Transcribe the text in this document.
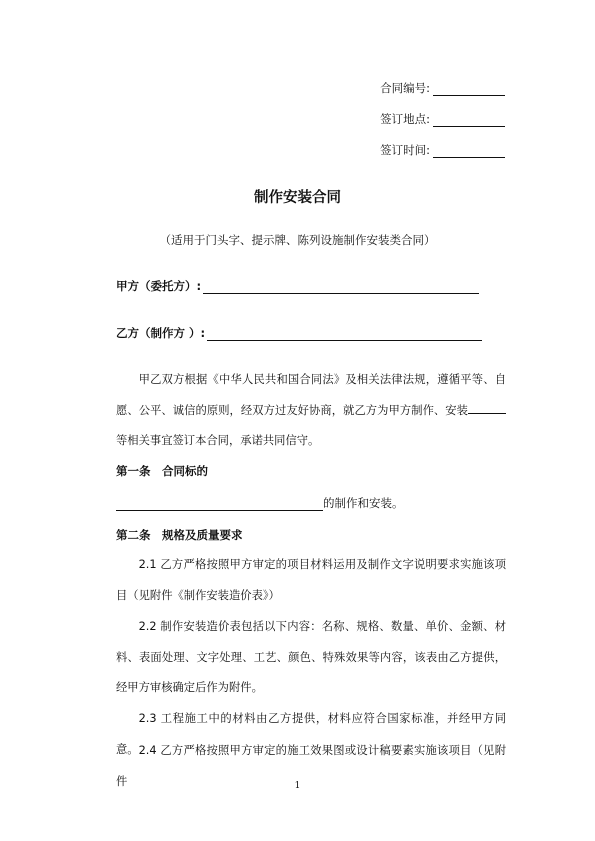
合同编号:
签订地点:
签订时间:
制作安装合同
（适用于门头字、提示牌、陈列设施制作安装类合同）
甲方（委托方）:
乙方（制作方 ）:
甲乙双方根据《中华人民共和国合同法》及相关法律法规，遵循平等、自愿、公平、诚信的原则，经双方过友好协商，就乙方为甲方制作、安装等相关事宜签订本合同，承诺共同信守。
第一条　合同标的
的制作和安装。
第二条　规格及质量要求
2.1 乙方严格按照甲方审定的项目材料运用及制作文字说明要求实施该项目（见附件《制作安装造价表》）
2.2 制作安装造价表包括以下内容：名称、规格、数量、单价、金额、材料、表面处理、文字处理、工艺、颜色、特殊效果等内容，该表由乙方提供，经甲方审核确定后作为附件。
2.3 工程施工中的材料由乙方提供，材料应符合国家标准，并经甲方同意。 2.4 乙方严格按照甲方审定的施工效果图或设计稿要素实施该项目（见附件	1
